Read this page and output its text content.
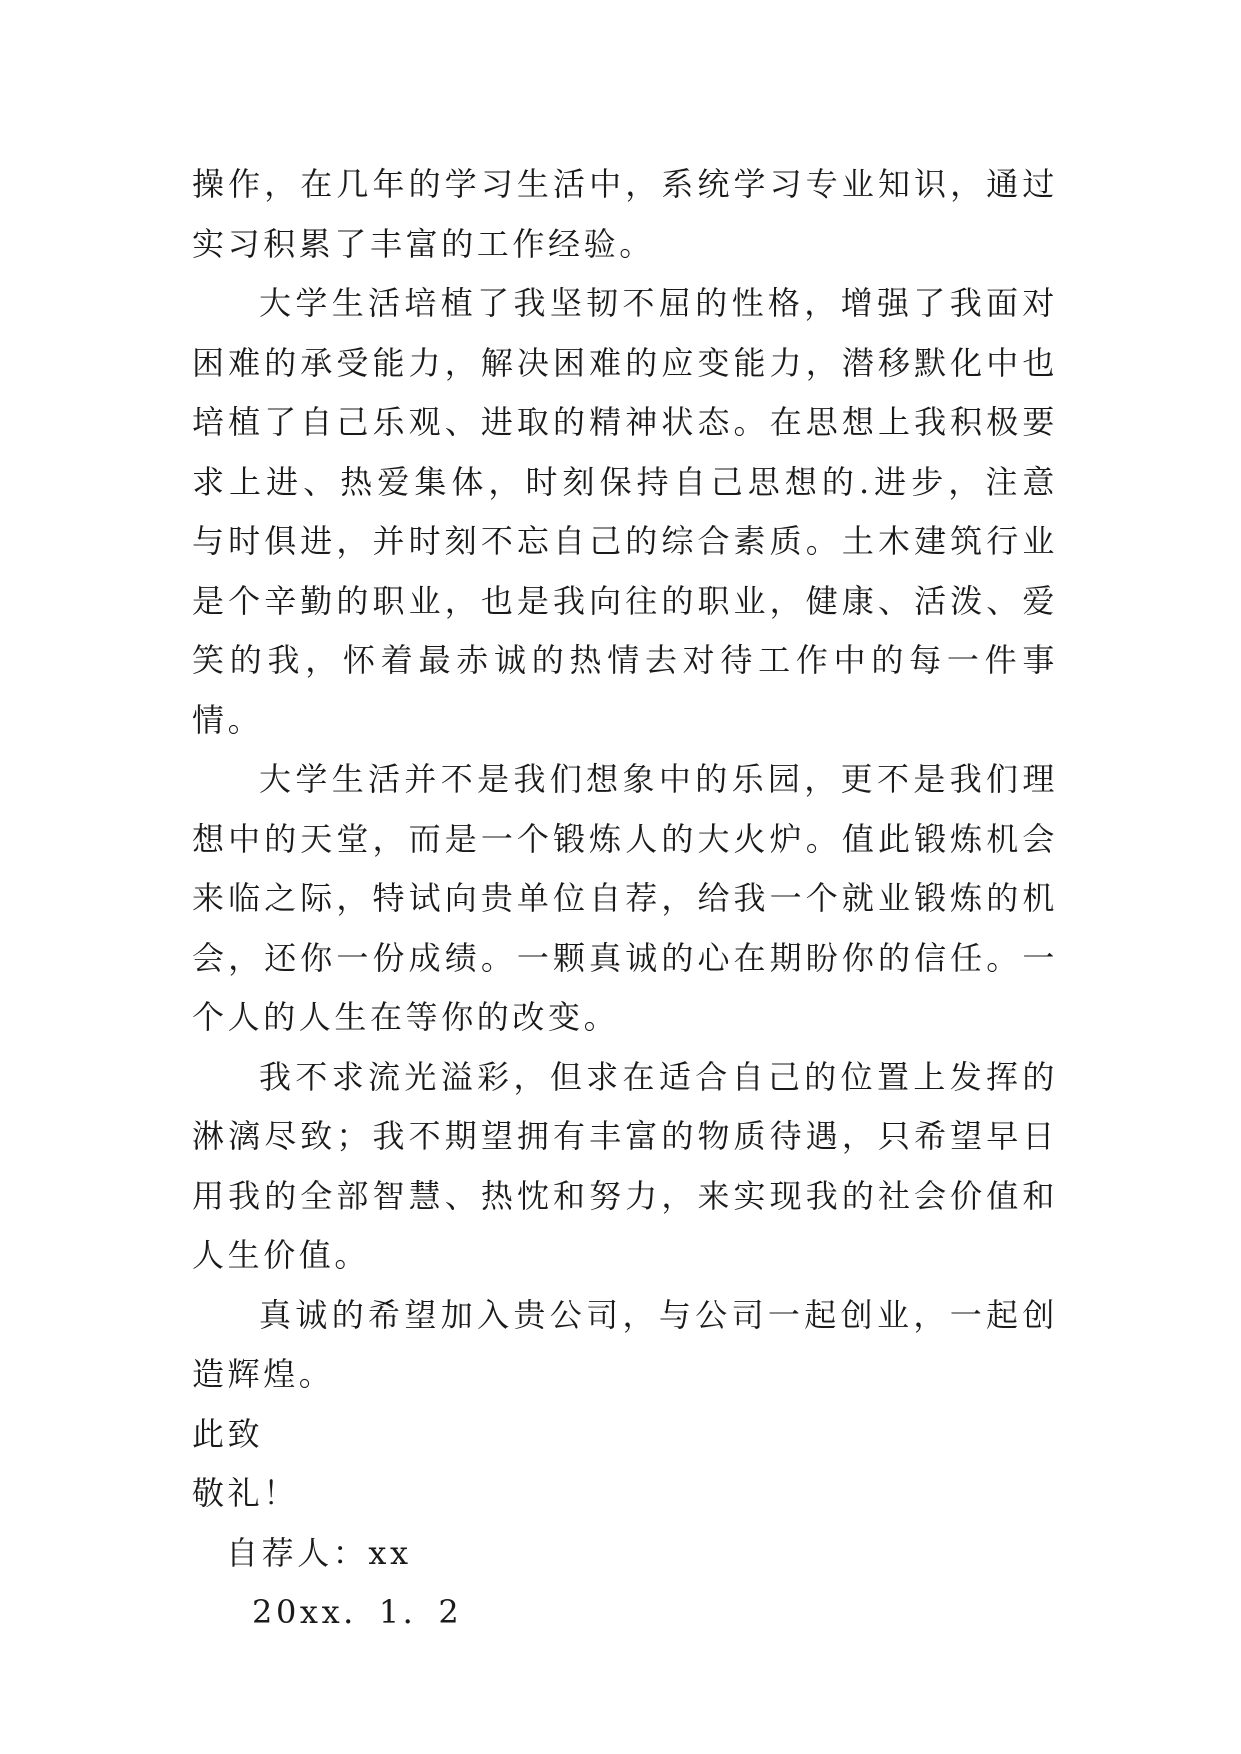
操作，在几年的学习生活中，系统学习专业知识，通过实习积累了丰富的工作经验。

大学生活培植了我坚韧不屈的性格，增强了我面对困难的承受能力，解决困难的应变能力，潜移默化中也培植了自己乐观、进取的精神状态。在思想上我积极要求上进、热爱集体，时刻保持自己思想的.进步，注意与时俱进，并时刻不忘自己的综合素质。土木建筑行业是个辛勤的职业，也是我向往的职业，健康、活泼、爱笑的我，怀着最赤诚的热情去对待工作中的每一件事情。

大学生活并不是我们想象中的乐园，更不是我们理想中的天堂，而是一个锻炼人的大火炉。值此锻炼机会来临之际，特试向贵单位自荐，给我一个就业锻炼的机会，还你一份成绩。一颗真诚的心在期盼你的信任。一个人的人生在等你的改变。

我不求流光溢彩，但求在适合自己的位置上发挥的淋漓尽致；我不期望拥有丰富的物质待遇，只希望早日用我的全部智慧、热忱和努力，来实现我的社会价值和人生价值。

真诚的希望加入贵公司，与公司一起创业，一起创造辉煌。

此致

敬礼！

自荐人：xx

20xx．1．2
